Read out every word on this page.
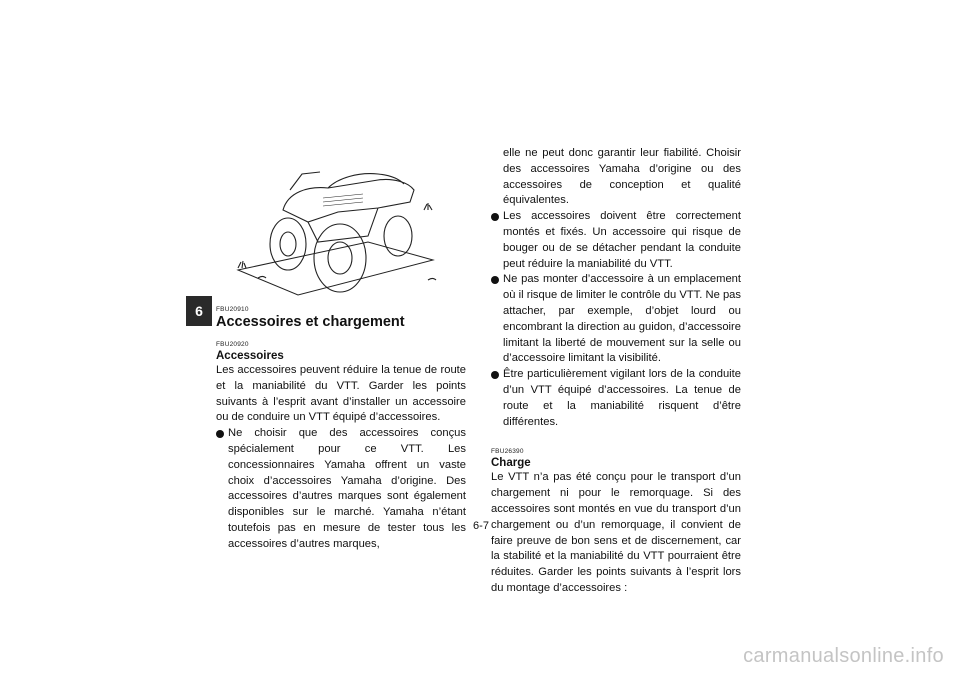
6	FBU20910
Accessoires et chargement
FBU20920
Accessoires

Les accessoires peuvent réduire la tenue de route et la maniabilité du VTT. Garder les points suivants à l’esprit avant d’installer un accessoire ou de conduire un VTT équipé d’accessoires.

Ne choisir que des accessoires conçus spécialement pour ce VTT. Les concessionnaires Yamaha offrent un vaste choix d’accessoires Yamaha d’origine. Des accessoires d’autres marques sont également disponibles sur le marché. Yamaha n’étant toutefois pas en mesure de tester tous les accessoires d’autres marques,
elle ne peut donc garantir leur fiabilité. Choisir des accessoires Yamaha d’origine ou des accessoires de conception et qualité équivalentes.
Les accessoires doivent être correctement montés et fixés. Un accessoire qui risque de bouger ou de se détacher pendant la conduite peut réduire la maniabilité du VTT.
Ne pas monter d’accessoire à un emplacement où il risque de limiter le contrôle du VTT. Ne pas attacher, par exemple, d’objet lourd ou encombrant la direction au guidon, d’accessoire limitant la liberté de mouvement sur la selle ou d’accessoire limitant la visibilité.
Être particulièrement vigilant lors de la conduite d’un VTT équipé d’accessoires. La tenue de route et la maniabilité risquent d’être différentes.
FBU26390
Charge

Le VTT n’a pas été conçu pour le transport d’un chargement ni pour le remorquage. Si des accessoires sont montés en vue du transport d’un chargement ou d’un remorquage, il convient de faire preuve de bon sens et de discernement, car la stabilité et la maniabilité du VTT pourraient être réduites. Garder les points suivants à l’esprit lors du montage d’accessoires :

6-7
carmanualsonline.info
